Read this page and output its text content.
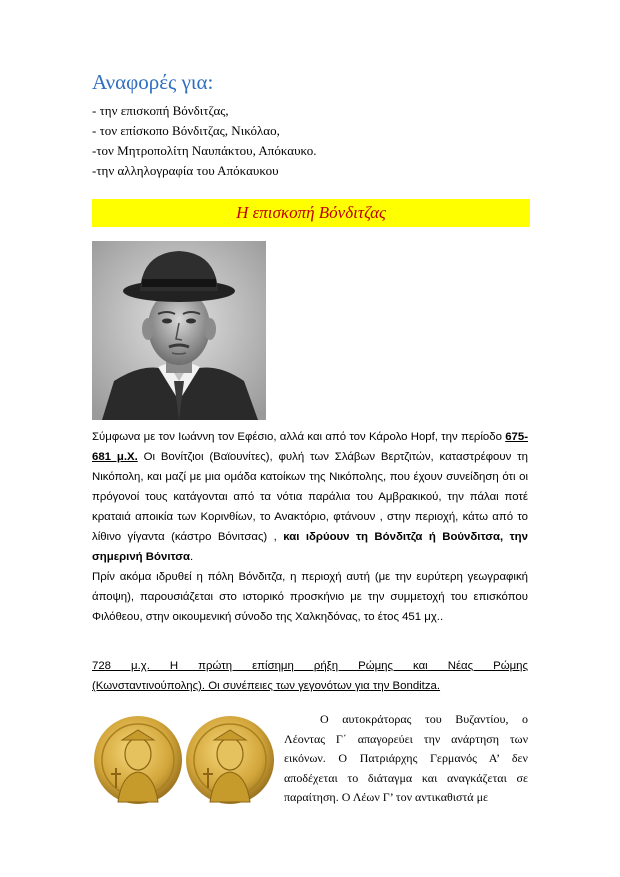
Αναφορές για:
- την επισκοπή Βόνδιτζας,
- τον επίσκοπο Βόνδιτζας, Νικόλαο,
-τον Μητροπολίτη Ναυπάκτου, Απόκαυκο.
-την αλληλογραφία του Απόκαυκου
Η επισκοπή Βόνδιτζας
Σύμφωνα με τον Ιωάννη τον Εφέσιο, αλλά και από τον Κάρολο Hopf, την περίοδο 675-681 μ.Χ. Οι Βονίτζιοι (Βαϊουνίτες), φυλή των Σλάβων Βερτζιτών, καταστρέφουν τη Νικόπολη, και μαζί με μια ομάδα κατοίκων της Νικόπολης, που έχουν συνείδηση ότι οι πρόγονοί τους κατάγονται από τα νότια παράλια του Αμβρακικού, την πάλαι ποτέ κραταιά αποικία των Κορινθίων, το Ανακτόριο, φτάνουν , στην περιοχή, κάτω από το λίθινο γίγαντα (κάστρο Βόνιτσας) , και ιδρύουν τη Βόνδιτζα ή Βούνδιτσα, την σημερινή Βόνιτσα.
Πρίν ακόμα ιδρυθεί η πόλη Βόνδιτζα, η περιοχή αυτή (με την ευρύτερη γεωγραφική άποψη), παρουσιάζεται στο ιστορικό προσκήνιο με την συμμετοχή του επισκόπου Φιλόθεου, στην οικουμενική σύνοδο της Χαλκηδόνας, το έτος 451 μχ..
728 μ.χ. Η πρώτη επίσημη ρήξη Ρώμης και Νέας Ρώμης
(Κωνσταντινούπολης). Οι συνέπειες των γεγονότων για την Bonditza.
Ο αυτοκράτορας του Βυζαντίου, ο Λέοντας Γ΄ απαγορεύει την ανάρτηση των εικόνων. Ο Πατριάρχης Γερμανός Α’ δεν αποδέχεται το διάταγμα και αναγκάζεται σε παραίτηση. Ο Λέων Γ’ τον αντικαθιστά με
